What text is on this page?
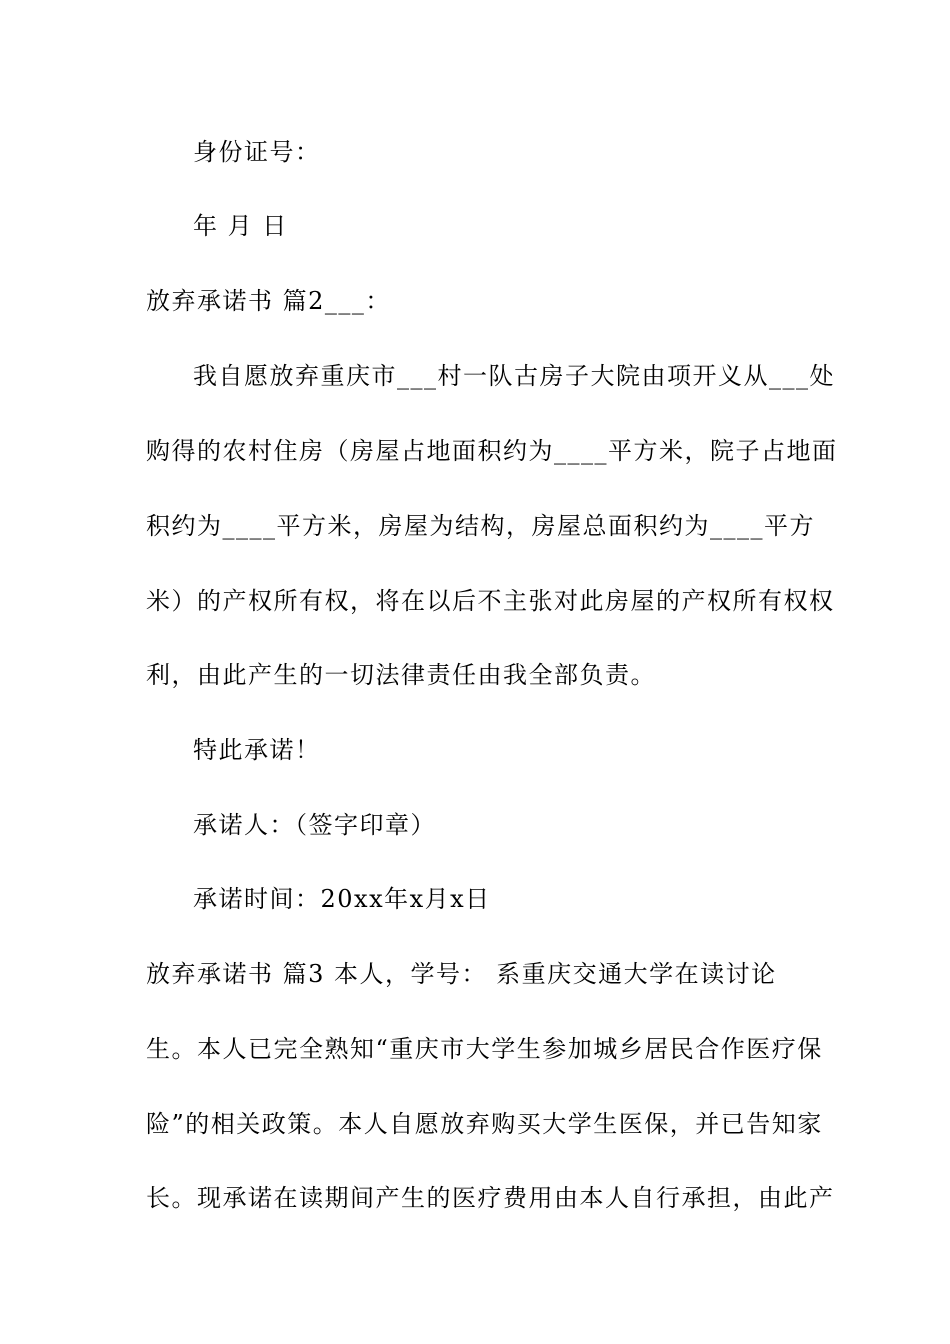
身份证号：
年 月 日
放弃承诺书 篇2___：
我自愿放弃重庆市___村一队古房子大院由项开义从___处
购得的农村住房（房屋占地面积约为____平方米，院子占地面
积约为____平方米，房屋为结构，房屋总面积约为____平方
米）的产权所有权，将在以后不主张对此房屋的产权所有权权
利，由此产生的一切法律责任由我全部负责。
特此承诺！
承诺人：（签字印章）
承诺时间：20xx年x月x日
放弃承诺书 篇3 本人，学号： 系重庆交通大学在读讨论
生。本人已完全熟知“重庆市大学生参加城乡居民合作医疗保
险”的相关政策。本人自愿放弃购买大学生医保，并已告知家
长。现承诺在读期间产生的医疗费用由本人自行承担，由此产
